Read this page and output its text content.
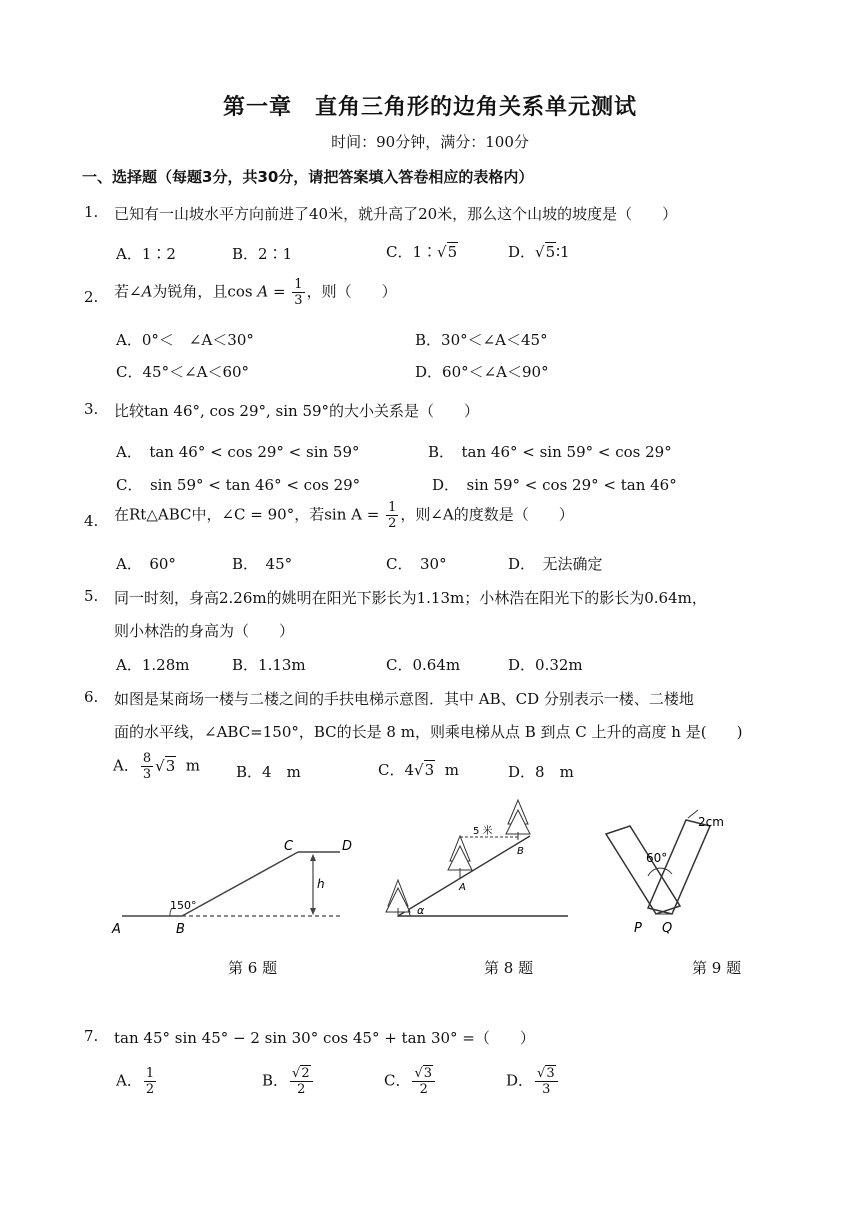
第一章　直角三角形的边角关系单元测试
时间：90分钟，满分：100分
一、选择题（每题3分，共30分，请把答案填入答卷相应的表格内）
1. 已知有一山坡水平方向前进了40米，就升高了20米，那么这个山坡的坡度是（　　）
A．1∶2	B．2∶1	C．1∶√5	D．√5∶1
2. 若∠A为锐角，且$\cos A = \frac{1}{3}$ ，则（　　）
A．0°＜　∠A＜30°	B．30°＜∠A＜45°
C．45°＜∠A＜60°	D．60°＜∠A＜90°
3. 比较tan 46°, cos 29°, sin 59°的大小关系是（　　）
A．　tan 46° < cos 29° < sin 59°	B．　tan 46° < sin 59° < cos 29°
C．　sin 59° < tan 46° < cos 29°	D．　sin 59° < cos 29° < tan 46°
4. 在Rt△ABC中，∠C = 90°，若$\sin A = \frac{1}{2}$ ，则∠A的度数是（　　）
A．　60°	B．　45°	C．　30°	D．　无法确定
5. 同一时刻，身高2.26m的姚明在阳光下影长为1.13m；小林浩在阳光下的影长为0.64m，
则小林浩的身高为（　　）
A．1.28m	B．1.13m	C．0.64m	D．0.32m
6. 如图是某商场一楼与二楼之间的手扶电梯示意图．其中 AB、CD 分别表示一楼、二楼地
面的水平线，∠ABC=150°，BC的长是 8 m，则乘电梯从点 B 到点 C 上升的高度 h 是(　　)
A． $\frac{8}{3} √3$ m B．4　m	C．4√3 m	D．8　m
A	B
C	D
h
150°
5 米
B
A
α
60°
2cm
P Q
第 6 题	第 8 题	第 9 题
7. tan 45° sin 45° − 2 sin 30° cos 45° + tan 30° =（　　）
A． $\frac{1}{2}$	B． $\frac{√2}{2}$	C． $\frac{√3}{2}$	D． $\frac{√3}{3}$
